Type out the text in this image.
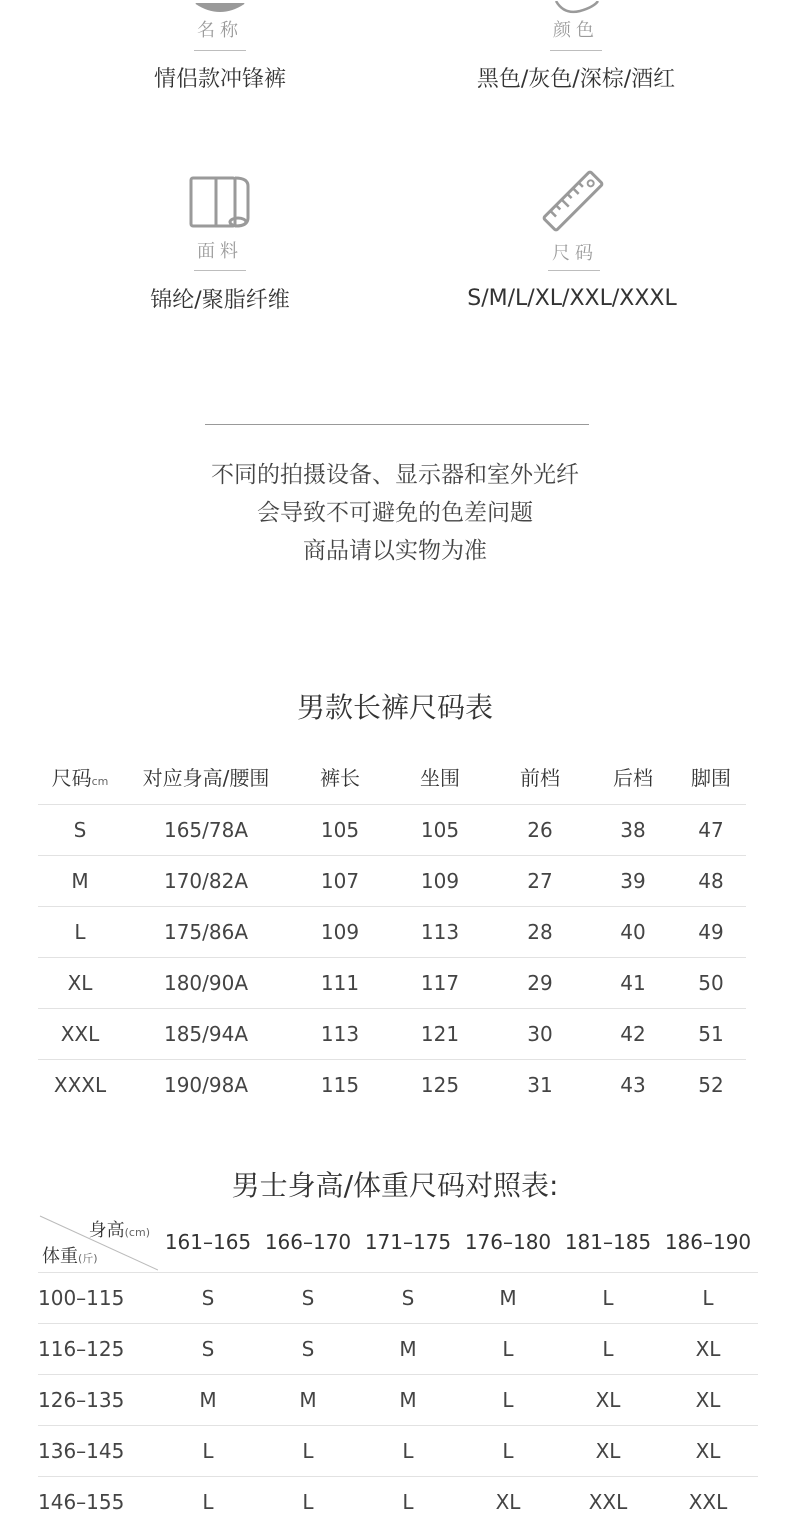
名称
情侣款冲锋裤
颜色
黑色/灰色/深棕/酒红
面料
锦纶/聚脂纤维
尺码
S/M/L/XL/XXL/XXXL
不同的拍摄设备、显示器和室外光纤
会导致不可避免的色差问题
商品请以实物为准
男款长裤尺码表
尺码cm	对应身高/腰围	裤长	坐围	前档	后档	脚围
S	165/78A	105	105	26	38	47
M	170/82A	107	109	27	39	48
L	175/86A	109	113	28	40	49
XL	180/90A	111	117	29	41	50
XXL	185/94A	113	121	30	42	51
XXXL	190/98A	115	125	31	43	52
男士身高/体重尺码对照表:
身高(cm)
体重(斤)	161–165	166–170	171–175	176–180	181–185	186–190
100–115	S	S	S	M	L	L
116–125	S	S	M	L	L	XL
126–135	M	M	M	L	XL	XL
136–145	L	L	L	L	XL	XL
146–155	L	L	L	XL	XXL	XXL
